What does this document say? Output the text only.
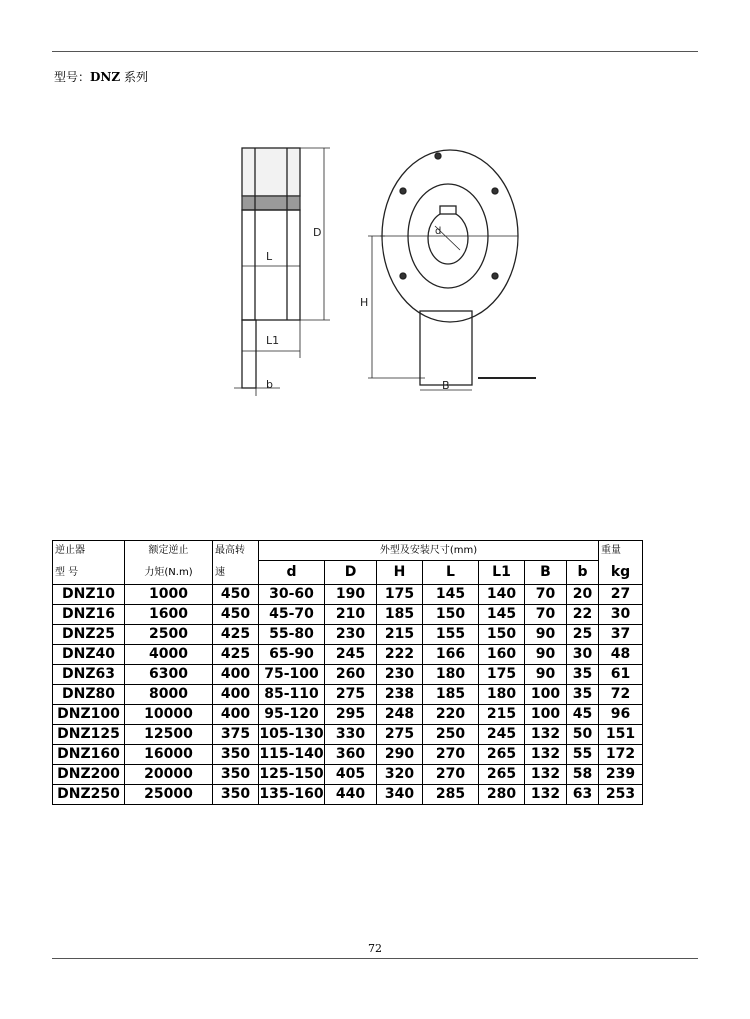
型号：DNZ 系列
D
L
L1
b
H
B
d
逆止器	额定逆止	最高转	外型及安装尺寸(mm)							重量
型 号	力矩(N.m)	速	d	D	H	L	L1	B	b	kg
DNZ10	1000	450	30-60	190	175	145	140	70	20	27
DNZ16	1600	450	45-70	210	185	150	145	70	22	30
DNZ25	2500	425	55-80	230	215	155	150	90	25	37
DNZ40	4000	425	65-90	245	222	166	160	90	30	48
DNZ63	6300	400	75-100	260	230	180	175	90	35	61
DNZ80	8000	400	85-110	275	238	185	180	100	35	72
DNZ100	10000	400	95-120	295	248	220	215	100	45	96
DNZ125	12500	375	105-130	330	275	250	245	132	50	151
DNZ160	16000	350	115-140	360	290	270	265	132	55	172
DNZ200	20000	350	125-150	405	320	270	265	132	58	239
DNZ250	25000	350	135-160	440	340	285	280	132	63	253
72
